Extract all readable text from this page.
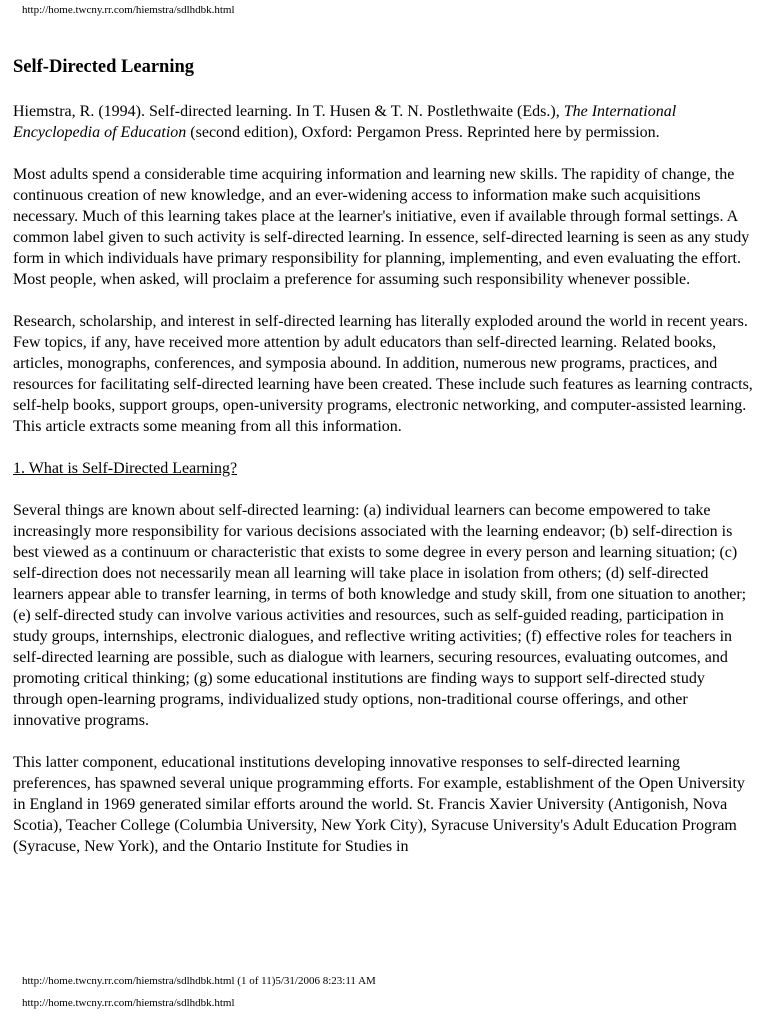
http://home.twcny.rr.com/hiemstra/sdlhdbk.html
Self-Directed Learning

Hiemstra, R. (1994). Self-directed learning. In T. Husen & T. N. Postlethwaite (Eds.), The International Encyclopedia of Education (second edition), Oxford: Pergamon Press. Reprinted here by permission.

Most adults spend a considerable time acquiring information and learning new skills. The rapidity of change, the continuous creation of new knowledge, and an ever-widening access to information make such acquisitions necessary. Much of this learning takes place at the learner's initiative, even if available through formal settings. A common label given to such activity is self-directed learning. In essence, self-directed learning is seen as any study form in which individuals have primary responsibility for planning, implementing, and even evaluating the effort. Most people, when asked, will proclaim a preference for assuming such responsibility whenever possible.

Research, scholarship, and interest in self-directed learning has literally exploded around the world in recent years. Few topics, if any, have received more attention by adult educators than self-directed learning. Related books, articles, monographs, conferences, and symposia abound. In addition, numerous new programs, practices, and resources for facilitating self-directed learning have been created. These include such features as learning contracts, self-help books, support groups, open-university programs, electronic networking, and computer-assisted learning. This article extracts some meaning from all this information.

1. What is Self-Directed Learning?

Several things are known about self-directed learning: (a) individual learners can become empowered to take increasingly more responsibility for various decisions associated with the learning endeavor; (b) self-direction is best viewed as a continuum or characteristic that exists to some degree in every person and learning situation; (c) self-direction does not necessarily mean all learning will take place in isolation from others; (d) self-directed learners appear able to transfer learning, in terms of both knowledge and study skill, from one situation to another; (e) self-directed study can involve various activities and resources, such as self-guided reading, participation in study groups, internships, electronic dialogues, and reflective writing activities; (f) effective roles for teachers in self-directed learning are possible, such as dialogue with learners, securing resources, evaluating outcomes, and promoting critical thinking; (g) some educational institutions are finding ways to support self-directed study through open-learning programs, individualized study options, non-traditional course offerings, and other innovative programs.

This latter component, educational institutions developing innovative responses to self-directed learning preferences, has spawned several unique programming efforts. For example, establishment of the Open University in England in 1969 generated similar efforts around the world. St. Francis Xavier University (Antigonish, Nova Scotia), Teacher College (Columbia University, New York City), Syracuse University's Adult Education Program (Syracuse, New York), and the Ontario Institute for Studies in

http://home.twcny.rr.com/hiemstra/sdlhdbk.html (1 of 11)5/31/2006 8:23:11 AM
http://home.twcny.rr.com/hiemstra/sdlhdbk.html
